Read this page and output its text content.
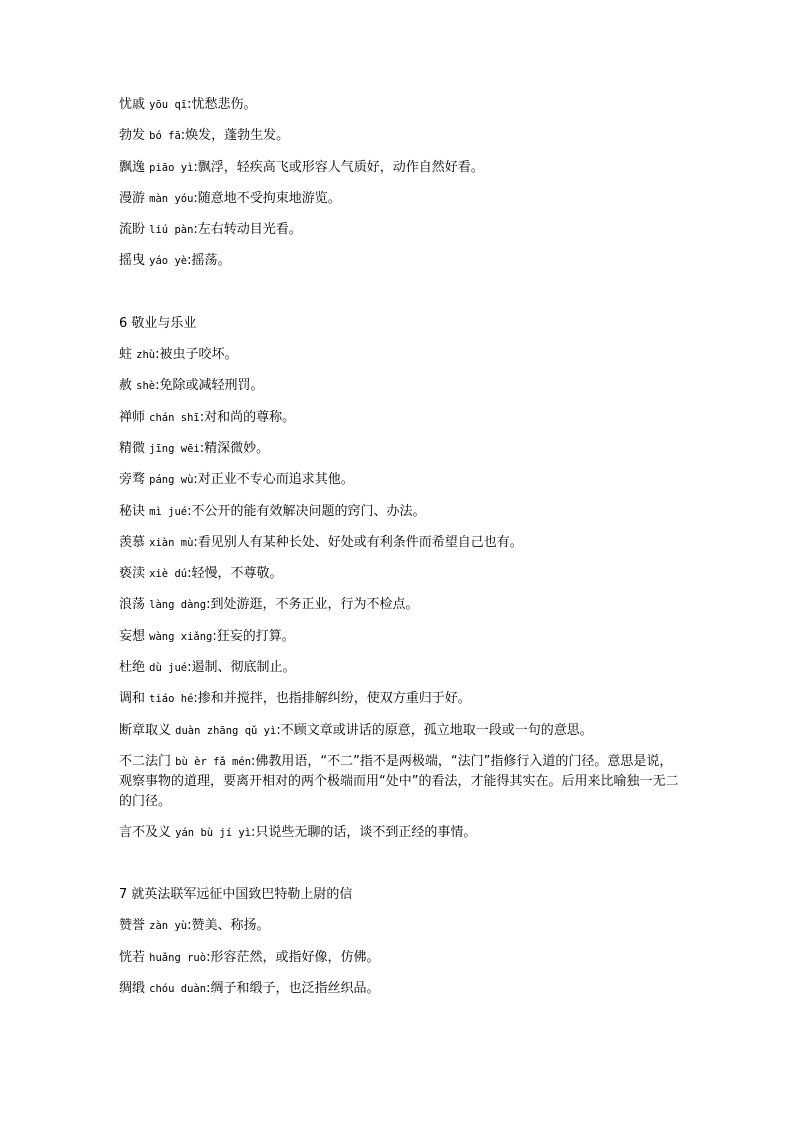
忧戚 yōu qī:忧愁悲伤。
勃发 bó fā:焕发，蓬勃生发。
飘逸 piāo yì:飘浮，轻疾高飞或形容人气质好，动作自然好看。
漫游 màn yóu:随意地不受拘束地游览。
流盼 liú pàn:左右转动目光看。
摇曳 yáo yè:摇荡。
6 敬业与乐业
蛀 zhù:被虫子咬坏。
赦 shè:免除或减轻刑罚。
禅师 chán shī:对和尚的尊称。
精微 jīng wēi:精深微妙。
旁骛 páng wù:对正业不专心而追求其他。
秘诀 mì jué:不公开的能有效解决问题的窍门、办法。
羡慕 xiàn mù:看见别人有某种长处、好处或有利条件而希望自己也有。
亵渎 xiè dú:轻慢，不尊敬。
浪荡 làng dàng:到处游逛，不务正业，行为不检点。
妄想 wàng xiǎng:狂妄的打算。
杜绝 dù jué:遏制、彻底制止。
调和 tiáo hé:掺和并搅拌，也指排解纠纷，使双方重归于好。
断章取义 duàn zhāng qǔ yì:不顾文章或讲话的原意，孤立地取一段或一句的意思。
不二法门 bù èr fǎ mén:佛教用语，“不二”指不是两极端，“法门”指修行入道的门径。意思是说，观察事物的道理，要离开相对的两个极端而用“处中”的看法，才能得其实在。后用来比喻独一无二的门径。
言不及义 yán bù jí yì:只说些无聊的话，谈不到正经的事情。
7 就英法联军远征中国致巴特勒上尉的信
赞誉 zàn yù:赞美、称扬。
恍若 huǎng ruò:形容茫然，或指好像，仿佛。
绸缎 chóu duàn:绸子和缎子，也泛指丝织品。
